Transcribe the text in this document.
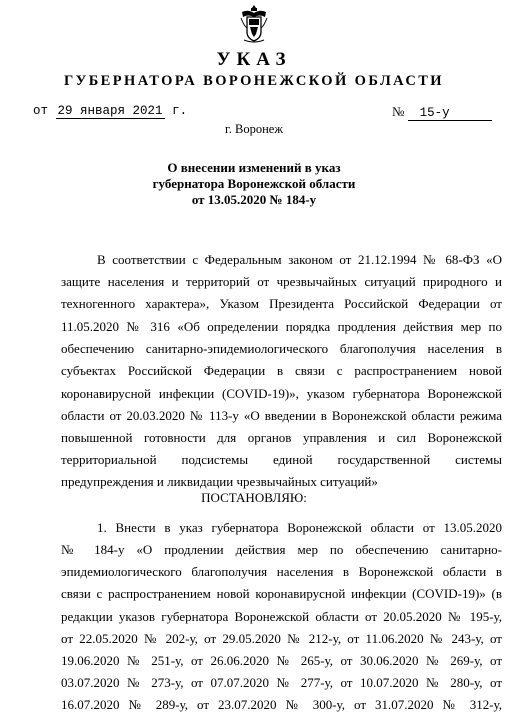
УКАЗ
ГУБЕРНАТОРА ВОРОНЕЖСКОЙ ОБЛАСТИ
от 29 января 2021 г.	№ 15-у
г. Воронеж
О внесении изменений в указ
губернатора Воронежской области
от 13.05.2020 № 184-у
В соответствии с Федеральным законом от 21.12.1994 № 68-ФЗ «О
защите населения и территорий от чрезвычайных ситуаций природного и
техногенного характера», Указом Президента Российской Федерации от
11.05.2020 № 316 «Об определении порядка продления действия мер по
обеспечению санитарно-эпидемиологического благополучия населения в
субъектах Российской Федерации в связи с распространением новой
коронавирусной инфекции (COVID-19)», указом губернатора Воронежской
области от 20.03.2020 № 113-у «О введении в Воронежской области режима
повышенной готовности для органов управления и сил Воронежской
территориальной подсистемы единой государственной системы
предупреждения и ликвидации чрезвычайных ситуаций»
ПОСТАНОВЛЯЮ:
1. Внести в указ губернатора Воронежской области от 13.05.2020
№ 184-у «О продлении действия мер по обеспечению санитарно-
эпидемиологического благополучия населения в Воронежской области в
связи с распространением новой коронавирусной инфекции (COVID-19)» (в
редакции указов губернатора Воронежской области от 20.05.2020 № 195-у,
от 22.05.2020 № 202-у, от 29.05.2020 № 212-у, от 11.06.2020 № 243-у, от
19.06.2020 № 251-у, от 26.06.2020 № 265-у, от 30.06.2020 № 269-у, от
03.07.2020 № 273-у, от 07.07.2020 № 277-у, от 10.07.2020 № 280-у, от
16.07.2020 № 289-у, от 23.07.2020 № 300-у, от 31.07.2020 № 312-у,
